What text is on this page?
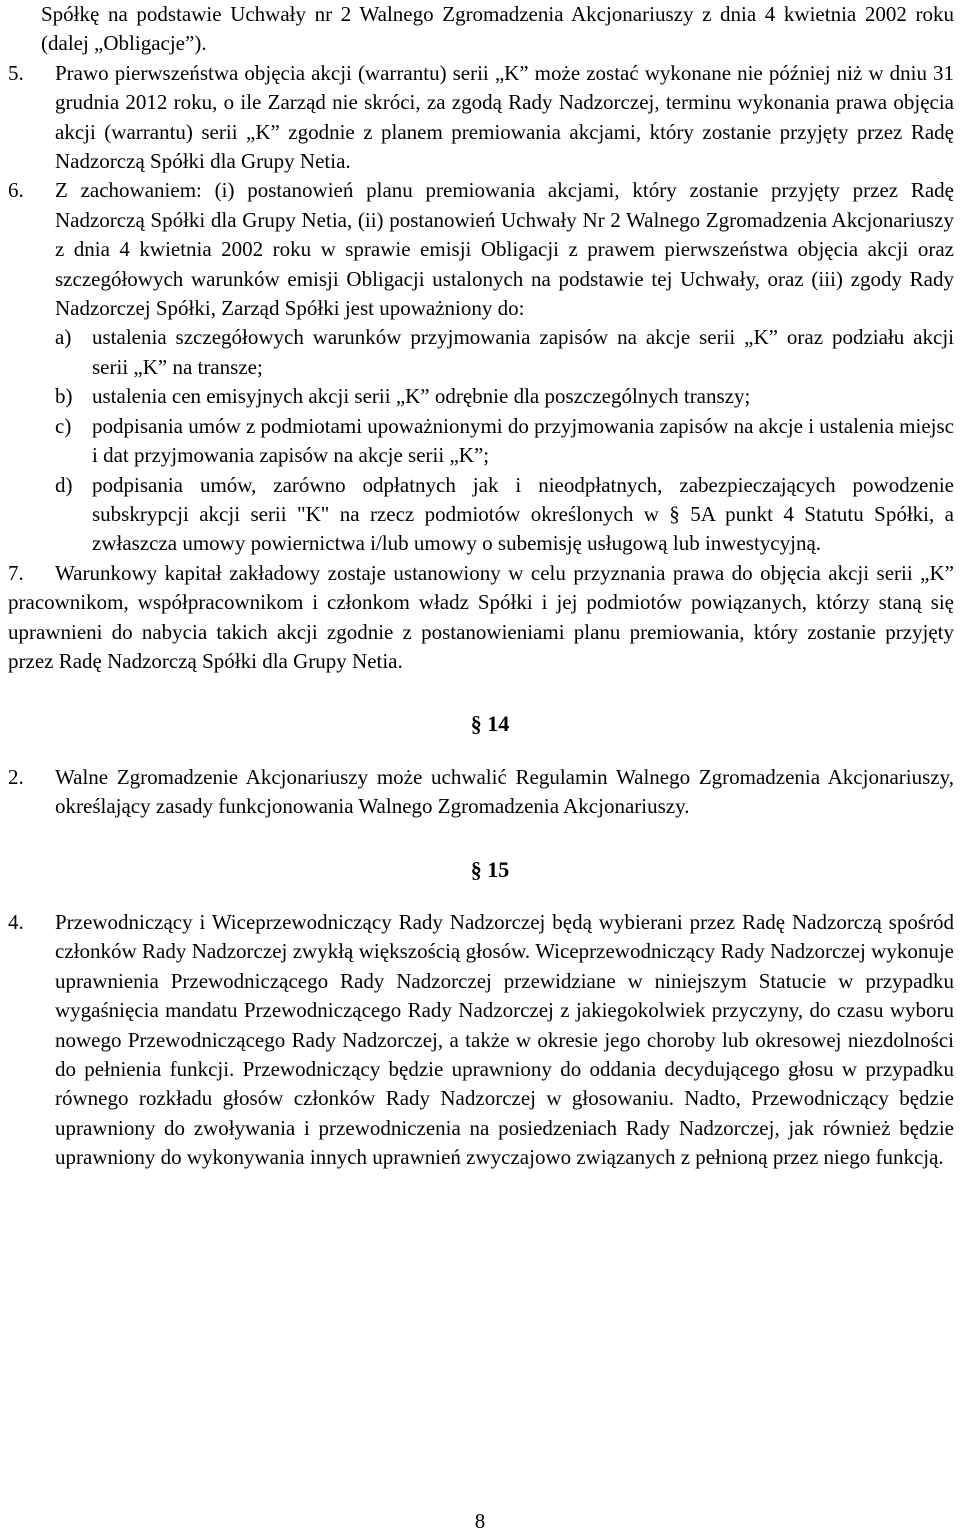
Spółkę na podstawie Uchwały nr 2 Walnego Zgromadzenia Akcjonariuszy z dnia 4 kwietnia 2002 roku (dalej „Obligacje”).

5.	Prawo pierwszeństwa objęcia akcji (warrantu) serii „K” może zostać wykonane nie później niż w dniu 31 grudnia 2012 roku, o ile Zarząd nie skróci, za zgodą Rady Nadzorczej, terminu wykonania prawa objęcia akcji (warrantu) serii „K” zgodnie z planem premiowania akcjami, który zostanie przyjęty przez Radę Nadzorczą Spółki dla Grupy Netia.
6.	Z zachowaniem: (i) postanowień planu premiowania akcjami, który zostanie przyjęty przez Radę Nadzorczą Spółki dla Grupy Netia, (ii) postanowień Uchwały Nr 2 Walnego Zgromadzenia Akcjonariuszy z dnia 4 kwietnia 2002 roku w sprawie emisji Obligacji z prawem pierwszeństwa objęcia akcji oraz szczegółowych warunków emisji Obligacji ustalonych na podstawie tej Uchwały, oraz (iii) zgody Rady Nadzorczej Spółki, Zarząd Spółki jest upoważniony do:
a) ustalenia szczegółowych warunków przyjmowania zapisów na akcje serii „K” oraz podziału akcji serii „K” na transze;
b) ustalenia cen emisyjnych akcji serii „K” odrębnie dla poszczególnych transzy;
c) podpisania umów z podmiotami upoważnionymi do przyjmowania zapisów na akcje i ustalenia miejsc i dat przyjmowania zapisów na akcje serii „K”;
d) podpisania umów, zarówno odpłatnych jak i nieodpłatnych, zabezpieczających powodzenie subskrypcji akcji serii "K" na rzecz podmiotów określonych w § 5A punkt 4 Statutu Spółki, a zwłaszcza umowy powiernictwa i/lub umowy o subemisję usługową lub inwestycyjną.

7. Warunkowy kapitał zakładowy zostaje ustanowiony w celu przyznania prawa do objęcia akcji serii „K” pracownikom, współpracownikom i członkom władz Spółki i jej podmiotów powiązanych, którzy staną się uprawnieni do nabycia takich akcji zgodnie z postanowieniami planu premiowania, który zostanie przyjęty przez Radę Nadzorczą Spółki dla Grupy Netia.

§ 14
2.	Walne Zgromadzenie Akcjonariuszy może uchwalić Regulamin Walnego Zgromadzenia Akcjonariuszy, określający zasady funkcjonowania Walnego Zgromadzenia Akcjonariuszy.
§ 15
4.	Przewodniczący i Wiceprzewodniczący Rady Nadzorczej będą wybierani przez Radę Nadzorczą spośród członków Rady Nadzorczej zwykłą większością głosów. Wiceprzewodniczący Rady Nadzorczej wykonuje uprawnienia Przewodniczącego Rady Nadzorczej przewidziane w niniejszym Statucie w przypadku wygaśnięcia mandatu Przewodniczącego Rady Nadzorczej z jakiegokolwiek przyczyny, do czasu wyboru nowego Przewodniczącego Rady Nadzorczej, a także w okresie jego choroby lub okresowej niezdolności do pełnienia funkcji. Przewodniczący będzie uprawniony do oddania decydującego głosu w przypadku równego rozkładu głosów członków Rady Nadzorczej w głosowaniu. Nadto, Przewodniczący będzie uprawniony do zwoływania i przewodniczenia na posiedzeniach Rady Nadzorczej, jak również będzie uprawniony do wykonywania innych uprawnień zwyczajowo związanych z pełnioną przez niego funkcją.
8
